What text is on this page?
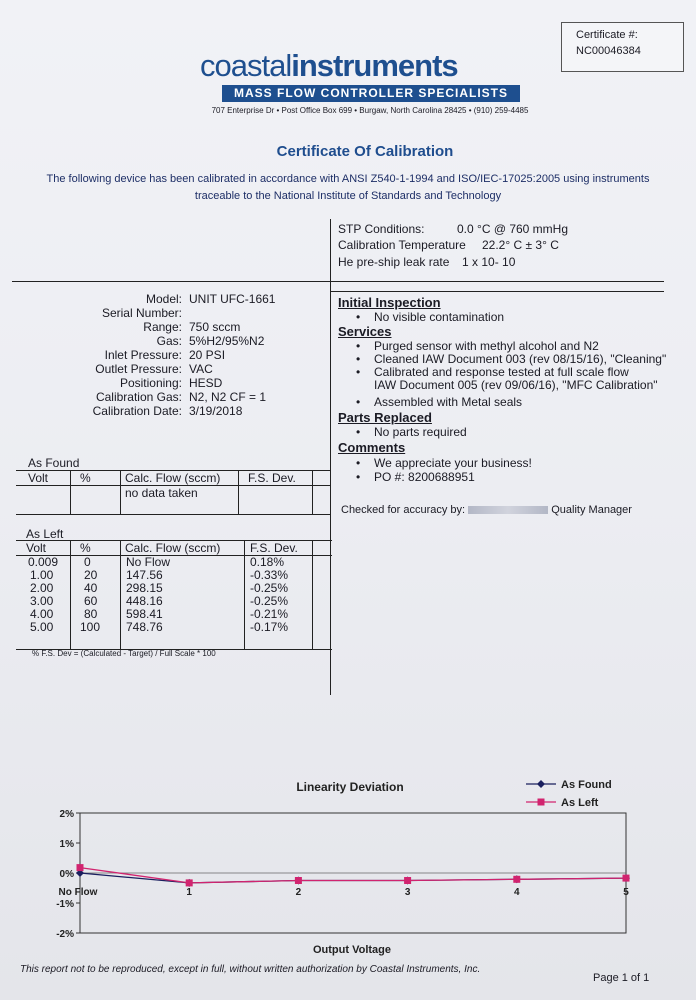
Certificate #:
NC00046384
coastalinstruments
MASS FLOW CONTROLLER SPECIALISTS
707 Enterprise Dr • Post Office Box 699 • Burgaw, North Carolina 28425 • (910) 259-4485
Certificate Of Calibration
The following device has been calibrated in accordance with ANSI Z540-1-1994 and ISO/IEC-17025:2005 using instruments
traceable to the National Institute of Standards and Technology
STP Conditions:	0.0 °C @ 760 mmHg
Calibration Temperature 22.2° C ± 3° C
He pre-ship leak rate 1 x 10- 10
Model: UNIT UFC-1661
Serial Number:
Range: 750 sccm
Gas: 5%H2/95%N2
Inlet Pressure: 20 PSI
Outlet Pressure: VAC
Positioning: HESD
Calibration Gas: N2, N2 CF = 1
Calibration Date: 3/19/2018
As Found
Volt	%	Calc. Flow (sccm) F.S. Dev.
no data taken
As Left
Volt	%	Calc. Flow (sccm) F.S. Dev.
0.009 0	No Flow	0.18%
1.00	20 147.56	-0.33%
2.00	40 298.15	-0.25%
3.00	60 448.16	-0.25%
4.00	80 598.41	-0.21%
5.00 100 748.76	-0.17%
% F.S. Dev = (Calculated - Target) / Full Scale * 100
Initial Inspection
• No visible contamination
Services
• Purged sensor with methyl alcohol and N2
• Cleaned IAW Document 003 (rev 08/15/16), "Cleaning"
• Calibrated and response tested at full scale flow
IAW Document 005 (rev 09/06/16), "MFC Calibration"
• Assembled with Metal seals
Parts Replaced
• No parts required
Comments
• We appreciate your business!
• PO #: 8200688951
Checked for accuracy by:	Quality Manager
Linearity Deviation
Output Voltage
2%
1%
0%
-1%
-2%
No Flow	1	2	3	4	5
As Found
As Left
This report not to be reproduced, except in full, without written authorization by Coastal Instruments, Inc.
Page 1 of 1
